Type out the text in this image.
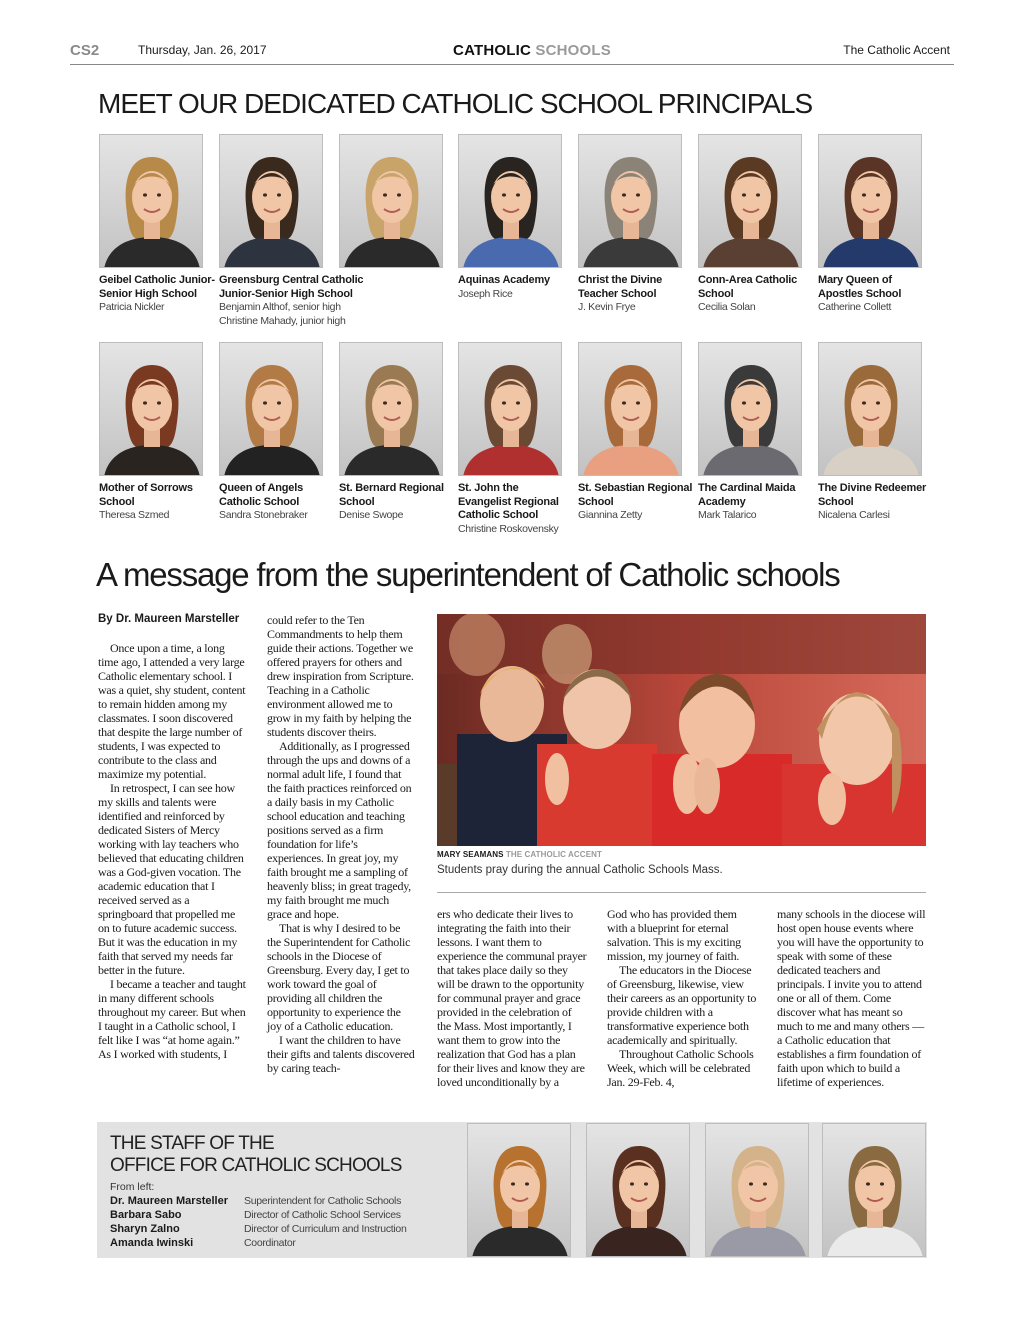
CS2	Thursday, Jan. 26, 2017	CATHOLIC SCHOOLS	The Catholic Accent
MEET OUR DEDICATED CATHOLIC SCHOOL PRINCIPALS
Geibel Catholic Junior-Senior High School
Patricia Nickler
Greensburg Central Catholic Junior-Senior High School
Benjamin Althof, senior high
Christine Mahady, junior high
Aquinas Academy
Joseph Rice
Christ the Divine Teacher School
J. Kevin Frye
Conn-Area Catholic School
Cecilia Solan
Mary Queen of Apostles School
Catherine Collett
Mother of Sorrows School
Theresa Szmed
Queen of Angels Catholic School
Sandra Stonebraker
St. Bernard Regional School
Denise Swope
St. John the Evangelist Regional Catholic School
Christine Roskovensky
St. Sebastian Regional School
Giannina Zetty
The Cardinal Maida Academy
Mark Talarico
The Divine Redeemer School
Nicalena Carlesi
A message from the superintendent of Catholic schools
By Dr. Maureen Marsteller

Once upon a time, a long time ago, I attended a very large Catholic elementary school. I was a quiet, shy student, content to remain hidden among my classmates. I soon discovered that despite the large number of students, I was expected to contribute to the class and maximize my potential.

In retrospect, I can see how my skills and talents were identified and reinforced by dedicated Sisters of Mercy working with lay teachers who believed that educating children was a God-given vocation. The academic education that I received served as a springboard that propelled me on to future academic success. But it was the education in my faith that served my needs far better in the future.

I became a teacher and taught in many different schools throughout my career. But when I taught in a Catholic school, I felt like I was “at home again.” As I worked with students, I

could refer to the Ten Commandments to help them guide their actions. Together we offered prayers for others and drew inspiration from Scripture. Teaching in a Catholic environment allowed me to grow in my faith by helping the students discover theirs.

Additionally, as I progressed through the ups and downs of a normal adult life, I found that the faith practices reinforced on a daily basis in my Catholic school education and teaching positions served as a firm foundation for life’s experiences. In great joy, my faith brought me a sampling of heavenly bliss; in great tragedy, my faith brought me much grace and hope.

That is why I desired to be the Superintendent for Catholic schools in the Diocese of Greensburg. Every day, I get to work toward the goal of providing all children the opportunity to experience the joy of a Catholic education.

I want the children to have their gifts and talents discovered by caring teach-

MARY SEAMANS THE CATHOLIC ACCENT
Students pray during the annual Catholic Schools Mass.

ers who dedicate their lives to integrating the faith into their lessons. I want them to experience the communal prayer that takes place daily so they will be drawn to the opportunity for communal prayer and grace provided in the celebration of the Mass. Most importantly, I want them to grow into the realization that God has a plan for their lives and know they are loved unconditionally by a

God who has provided them with a blueprint for eternal salvation. This is my exciting mission, my journey of faith.

The educators in the Diocese of Greensburg, likewise, view their careers as an opportunity to provide children with a transformative experience both academically and spiritually.

Throughout Catholic Schools Week, which will be celebrated Jan. 29-Feb. 4,

many schools in the diocese will host open house events where you will have the opportunity to speak with some of these dedicated teachers and principals. I invite you to attend one or all of them. Come discover what has meant so much to me and many others — a Catholic education that establishes a firm foundation of faith upon which to build a lifetime of experiences.

THE STAFF OF THE
OFFICE FOR CATHOLIC SCHOOLS
From left:
Dr. Maureen Marsteller	Superintendent for Catholic Schools
Barbara Sabo	Director of Catholic School Services
Sharyn Zalno	Director of Curriculum and Instruction
Amanda Iwinski	Coordinator
